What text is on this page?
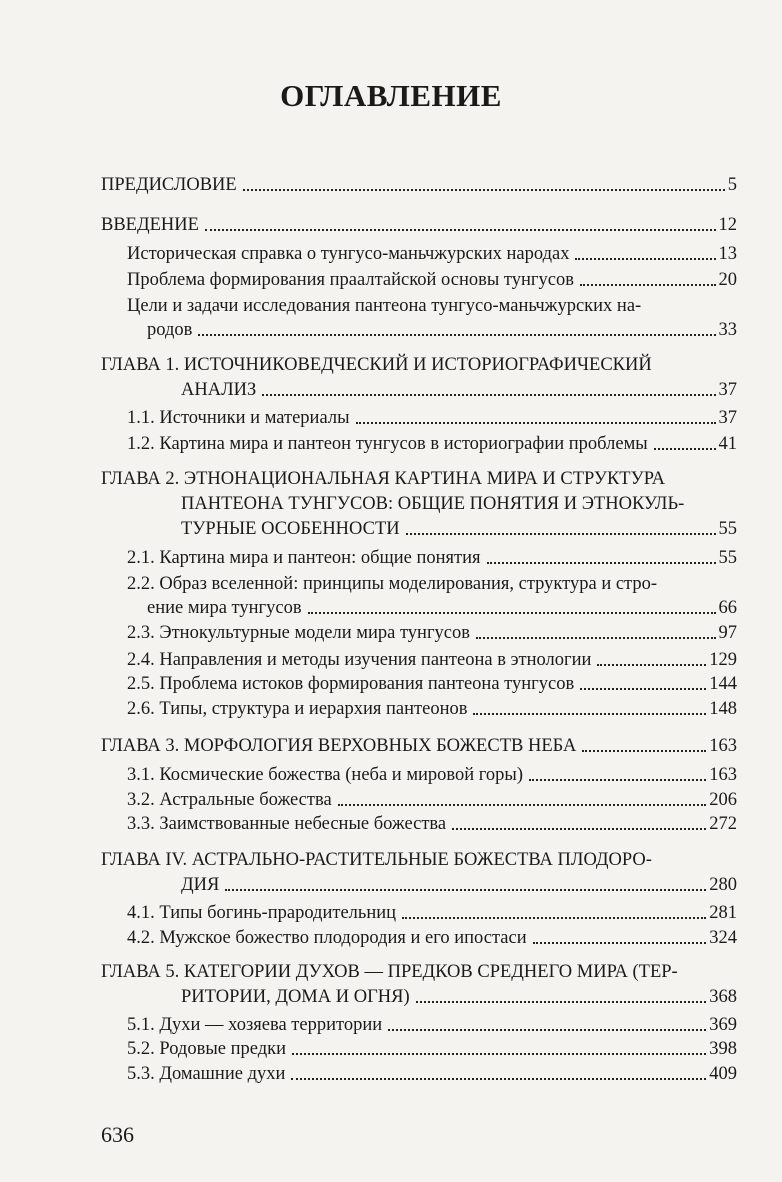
ОГЛАВЛЕНИЕ
ПРЕДИСЛОВИЕ	5
ВВЕДЕНИЕ	12
Историческая справка о тунгусо-маньчжурских народах	13
Проблема формирования праалтайской основы тунгусов	20
Цели и задачи исследования пантеона тунгусо-маньчжурских на-
родов	33
ГЛАВА 1. ИСТОЧНИКОВЕДЧЕСКИЙ И ИСТОРИОГРАФИЧЕСКИЙ
АНАЛИЗ	37
1.1. Источники и материалы	37
1.2. Картина мира и пантеон тунгусов в историографии проблемы	41
ГЛАВА 2. ЭТНОНАЦИОНАЛЬНАЯ КАРТИНА МИРА И СТРУКТУРА
ПАНТЕОНА ТУНГУСОВ: ОБЩИЕ ПОНЯТИЯ И ЭТНОКУЛЬ-
ТУРНЫЕ ОСОБЕННОСТИ	55
2.1. Картина мира и пантеон: общие понятия	55
2.2. Образ вселенной: принципы моделирования, структура и стро-
ение мира тунгусов	66
2.3. Этнокультурные модели мира тунгусов	97
2.4. Направления и методы изучения пантеона в этнологии	129
2.5. Проблема истоков формирования пантеона тунгусов	144
2.6. Типы, структура и иерархия пантеонов	148
ГЛАВА 3. МОРФОЛОГИЯ ВЕРХОВНЫХ БОЖЕСТВ НЕБА	163
3.1. Космические божества (неба и мировой горы)	163
3.2. Астральные божества	206
3.3. Заимствованные небесные божества	272
ГЛАВА IV. АСТРАЛЬНО-РАСТИТЕЛЬНЫЕ БОЖЕСТВА ПЛОДОРО-
ДИЯ	280
4.1. Типы богинь-прародительниц	281
4.2. Мужское божество плодородия и его ипостаси	324
ГЛАВА 5. КАТЕГОРИИ ДУХОВ — ПРЕДКОВ СРЕДНЕГО МИРА (ТЕР-
РИТОРИИ, ДОМА И ОГНЯ)	368
5.1. Духи — хозяева территории	369
5.2. Родовые предки	398
5.3. Домашние духи	409
636
